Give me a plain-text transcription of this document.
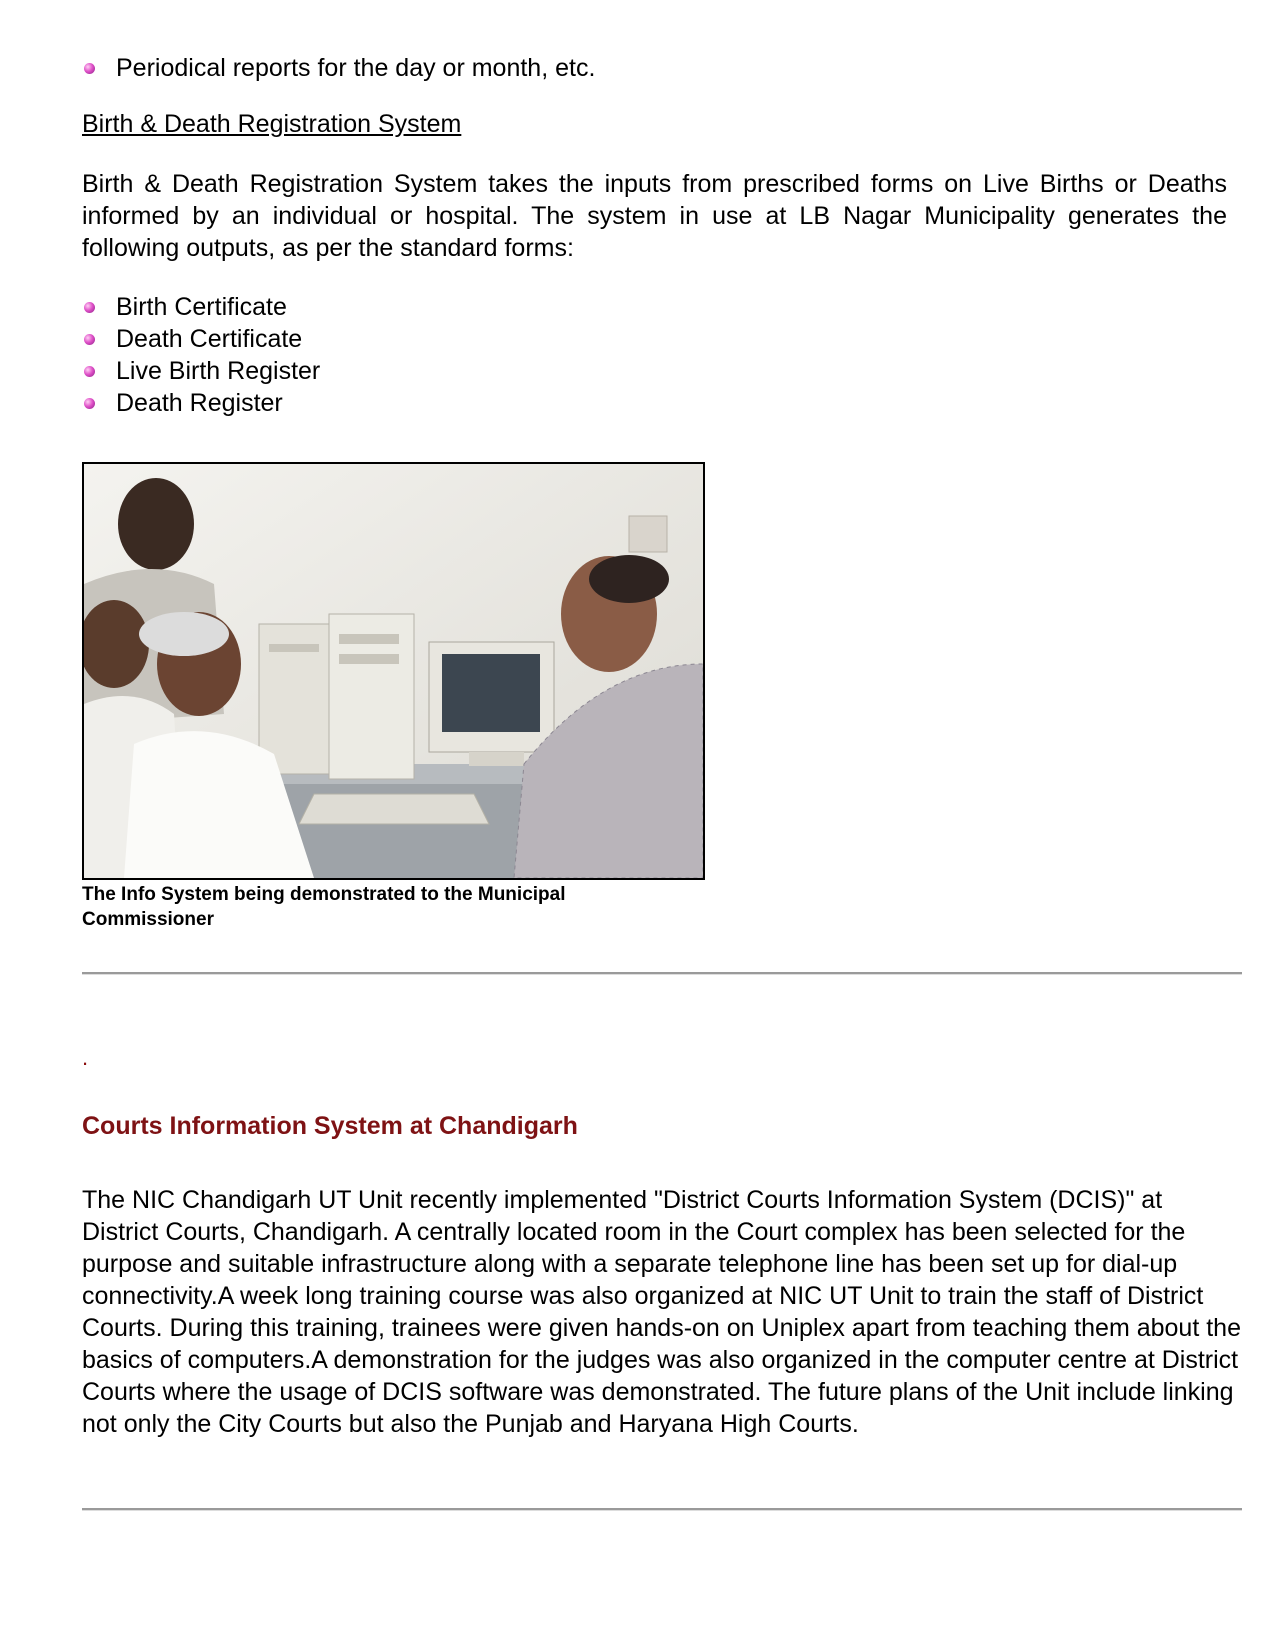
Periodical reports for the day or month, etc.
Birth & Death Registration System

Birth & Death Registration System takes the inputs from prescribed forms on Live Births or Deaths informed by an individual or hospital. The system in use at LB Nagar Municipality generates the following outputs, as per the standard forms:

Birth Certificate
Death Certificate
Live Birth Register
Death Register
The Info System being demonstrated to the Municipal Commissioner
.
Courts Information System at Chandigarh

The NIC Chandigarh UT Unit recently implemented "District Courts Information System (DCIS)" at District Courts, Chandigarh. A centrally located room in the Court complex has been selected for the purpose and suitable infrastructure along with a separate telephone line has been set up for dial-up connectivity.A week long training course was also organized at NIC UT Unit to train the staff of District Courts. During this training, trainees were given hands-on on Uniplex apart from teaching them about the basics of computers.A demonstration for the judges was also organized in the computer centre at District Courts where the usage of DCIS software was demonstrated. The future plans of the Unit include linking not only the City Courts but also the Punjab and Haryana High Courts.
